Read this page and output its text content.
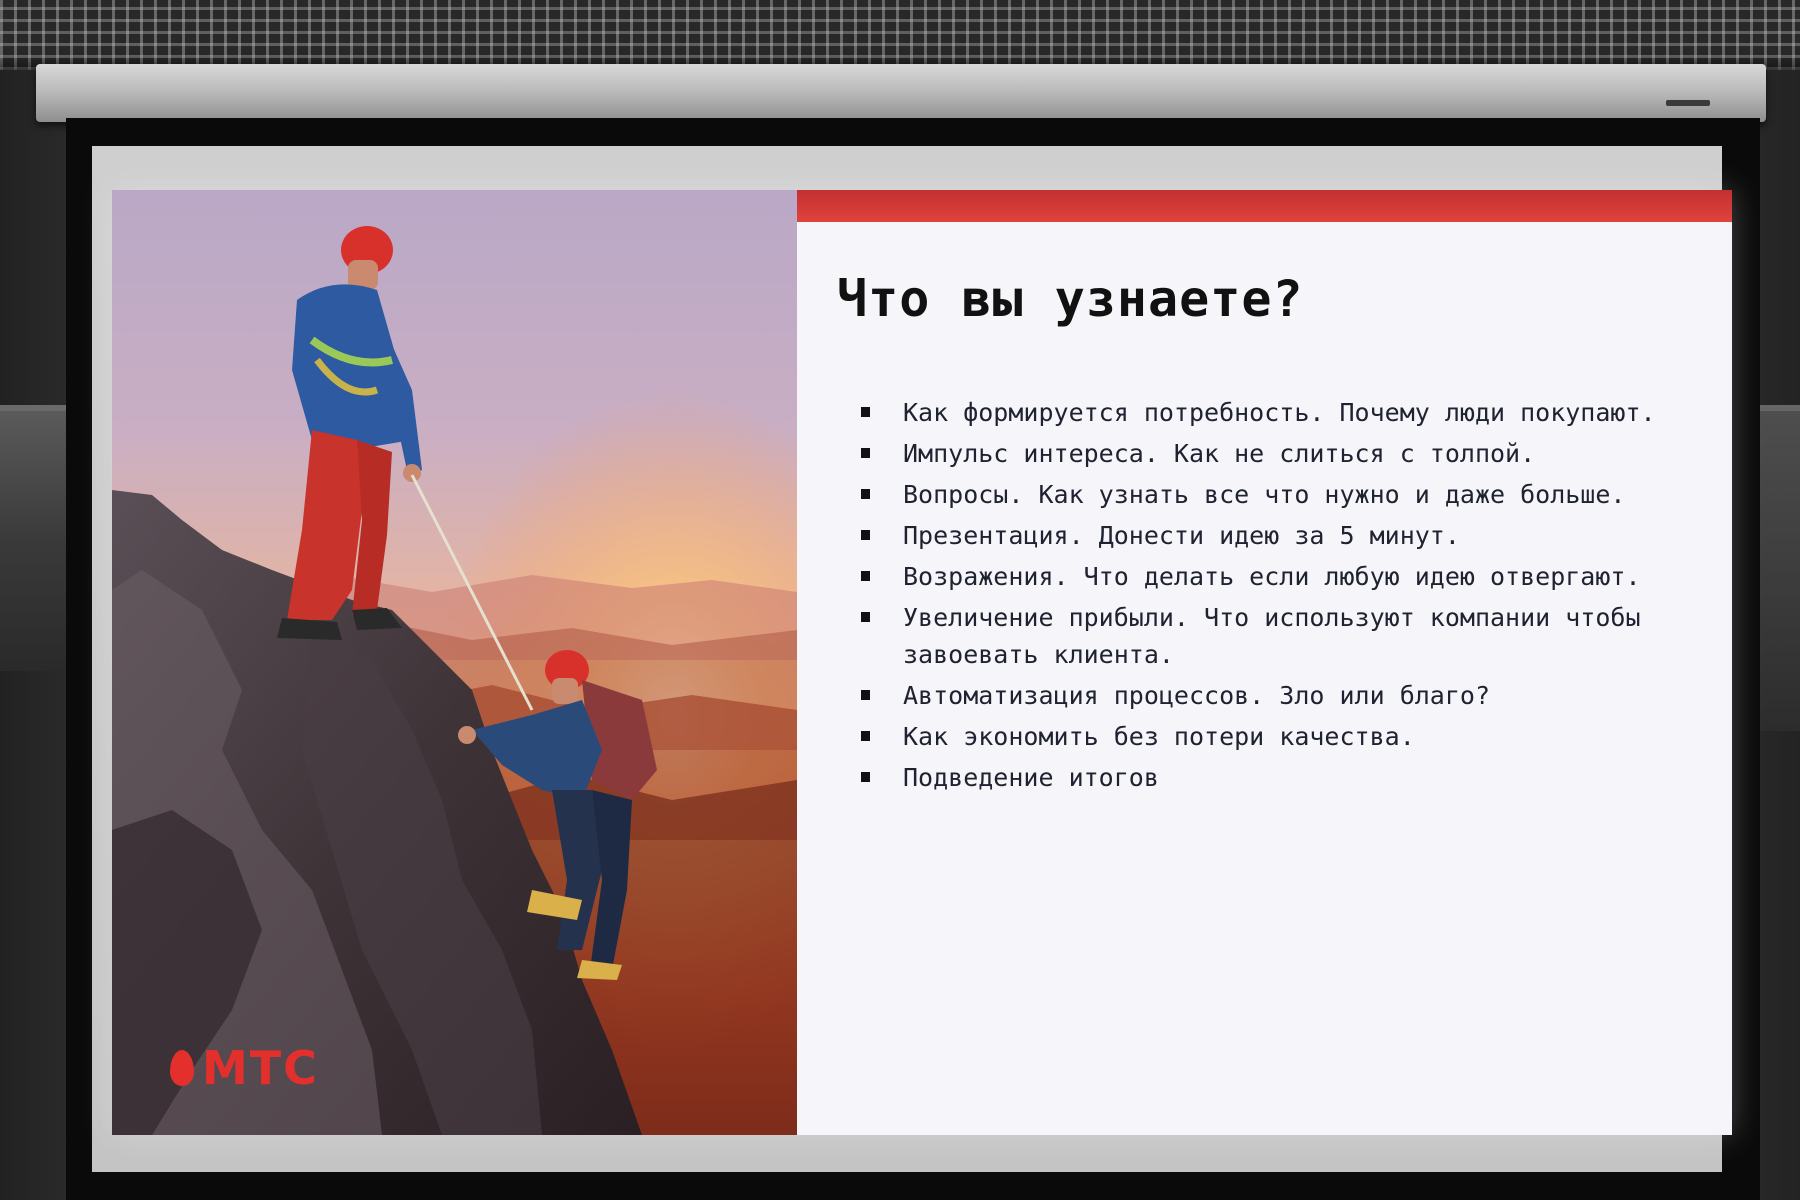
МТС
Что вы узнаете?
Как формируется потребность. Почему люди покупают.
Импульс интереса. Как не слиться с толпой.
Вопросы. Как узнать все что нужно и даже больше.
Презентация. Донести идею за 5 минут.
Возражения. Что делать если любую идею отвергают.
Увеличение прибыли. Что используют компании чтобы завоевать клиента.
Автоматизация процессов. Зло или благо?
Как экономить без потери качества.
Подведение итогов
